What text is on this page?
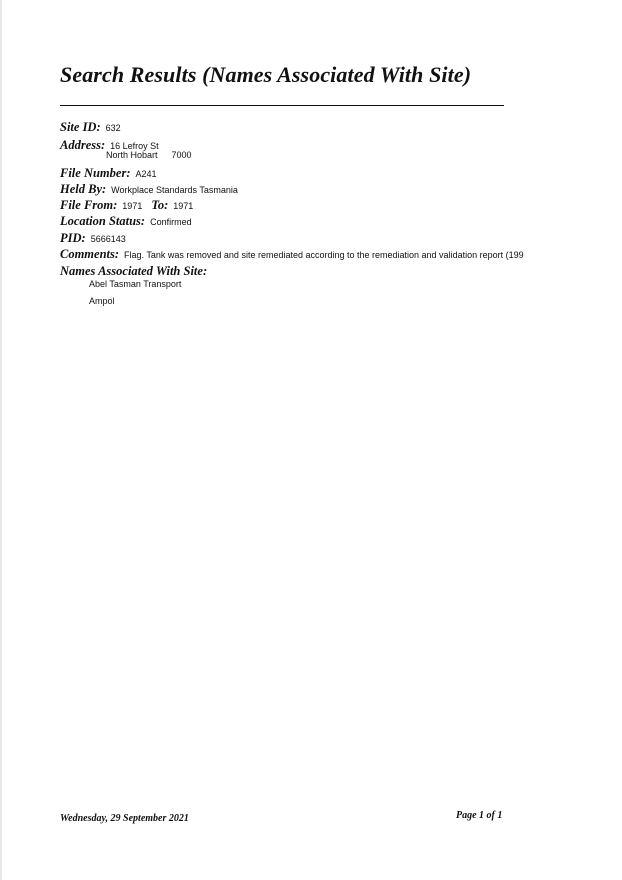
Search Results (Names Associated With Site)
Site ID: 632
Address: 16 Lefroy St
North Hobart 7000
File Number: A241
Held By: Workplace Standards Tasmania
File From: 1971 To: 1971
Location Status: Confirmed
PID: 5666143
Comments: Flag. Tank was removed and site remediated according to the remediation and validation report (199
Names Associated With Site:
Abel Tasman Transport
Ampol
Wednesday, 29 September 2021	Page 1 of 1
